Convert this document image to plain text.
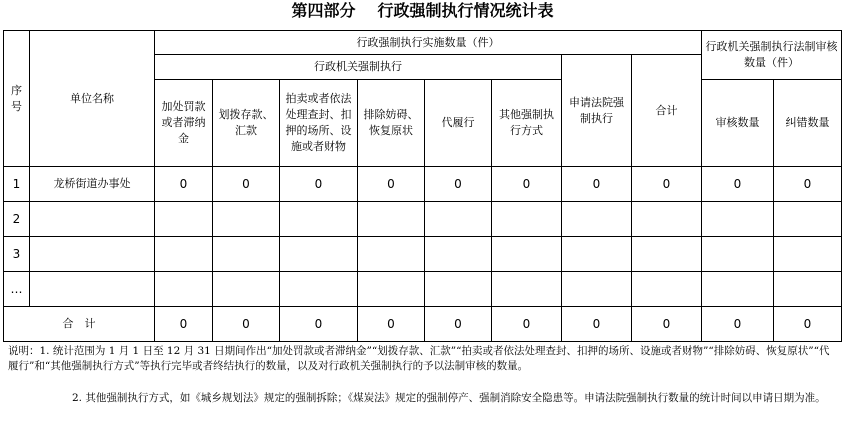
第四部分 行政强制执行情况统计表
序号	单位名称	行政强制执行实施数量（件）								行政机关强制执行法制审核数量（件）	
		行政机关强制执行						申请法院强制执行	合计		
		加处罚款或者滞纳金	划拨存款、汇款	拍卖或者依法处理查封、扣押的场所、设施或者财物	排除妨碍、恢复原状	代履行	其他强制执行方式			审核数量	纠错数量
1	龙桥街道办事处	0	0	0	0	0	0	0	0	0	0
2											
3											
…											
合　计		0	0	0	0	0	0	0	0	0	0
说明：1. 统计范围为 1 月 1 日至 12 月 31 日期间作出“加处罚款或者滞纳金”“划拨存款、汇款”“拍卖或者依法处理查封、扣押的场所、设施或者财物”“排除妨碍、恢复原状”“代履行”和“其他强制执行方式”等执行完毕或者终结执行的数量，以及对行政机关强制执行的予以法制审核的数量。
2. 其他强制执行方式，如《城乡规划法》规定的强制拆除；《煤炭法》规定的强制停产、强制消除安全隐患等。申请法院强制执行数量的统计时间以申请日期为准。
